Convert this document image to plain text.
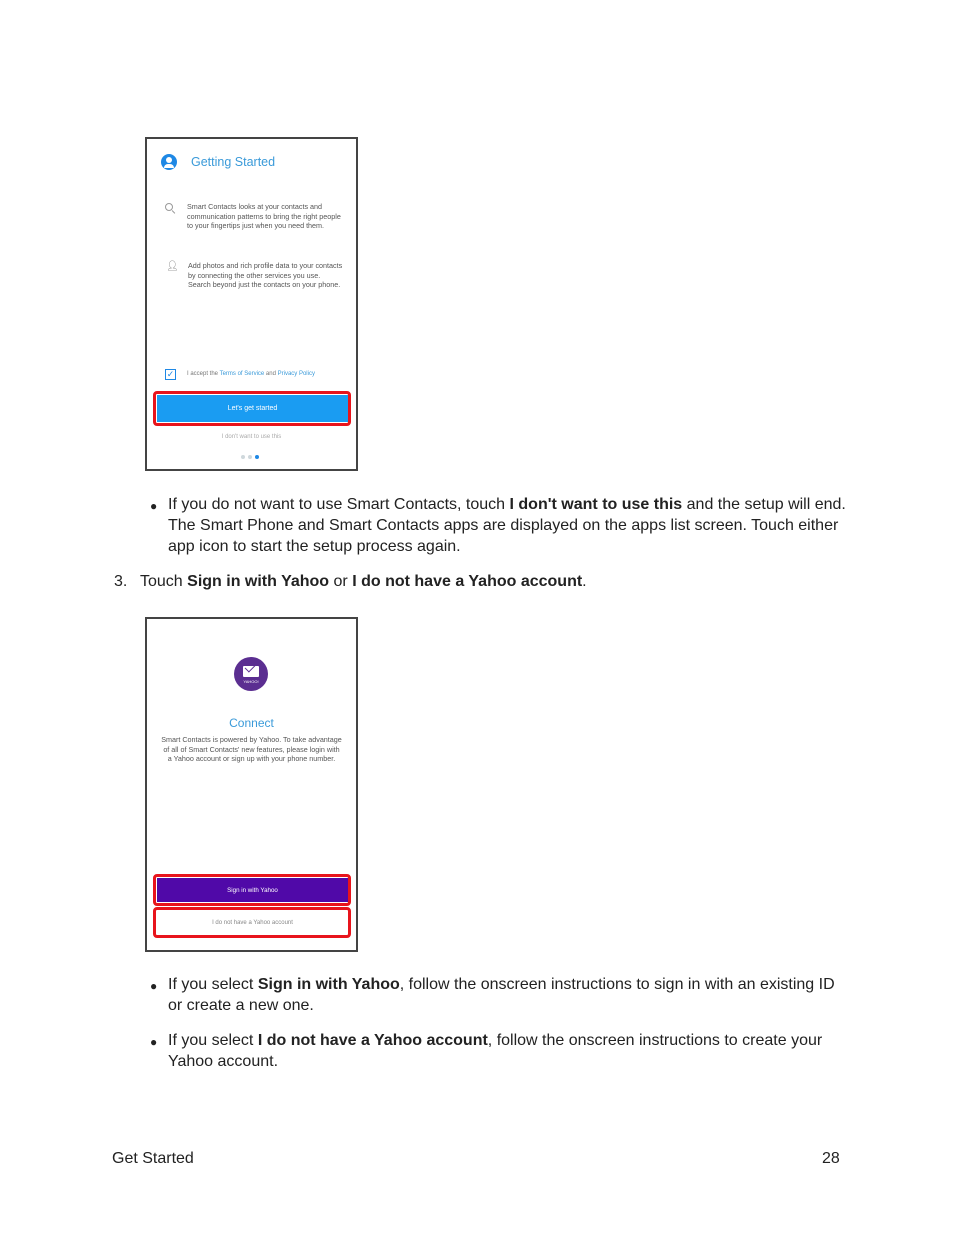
Getting Started
Smart Contacts looks at your contacts and communication patterns to bring the right people to your fingertips just when you need them.
👤︎ Add photos and rich profile data to your contacts by connecting the other services you use. Search beyond just the contacts on your phone.
✓ I accept the Terms of Service and Privacy Policy
Let's get started
I don't want to use this
● If you do not want to use Smart Contacts, touch I don't want to use this and the setup will end. The Smart Phone and Smart Contacts apps are displayed on the apps list screen. Touch either app icon to start the setup process again.
3. Touch Sign in with Yahoo or I do not have a Yahoo account.
YAHOO!
Connect
Smart Contacts is powered by Yahoo. To take advantage of all of Smart Contacts' new features, please login with a Yahoo account or sign up with your phone number.
Sign in with Yahoo
I do not have a Yahoo account
● If you select Sign in with Yahoo, follow the onscreen instructions to sign in with an existing ID or create a new one.
● If you select I do not have a Yahoo account, follow the onscreen instructions to create your Yahoo account.
Get Started	28
